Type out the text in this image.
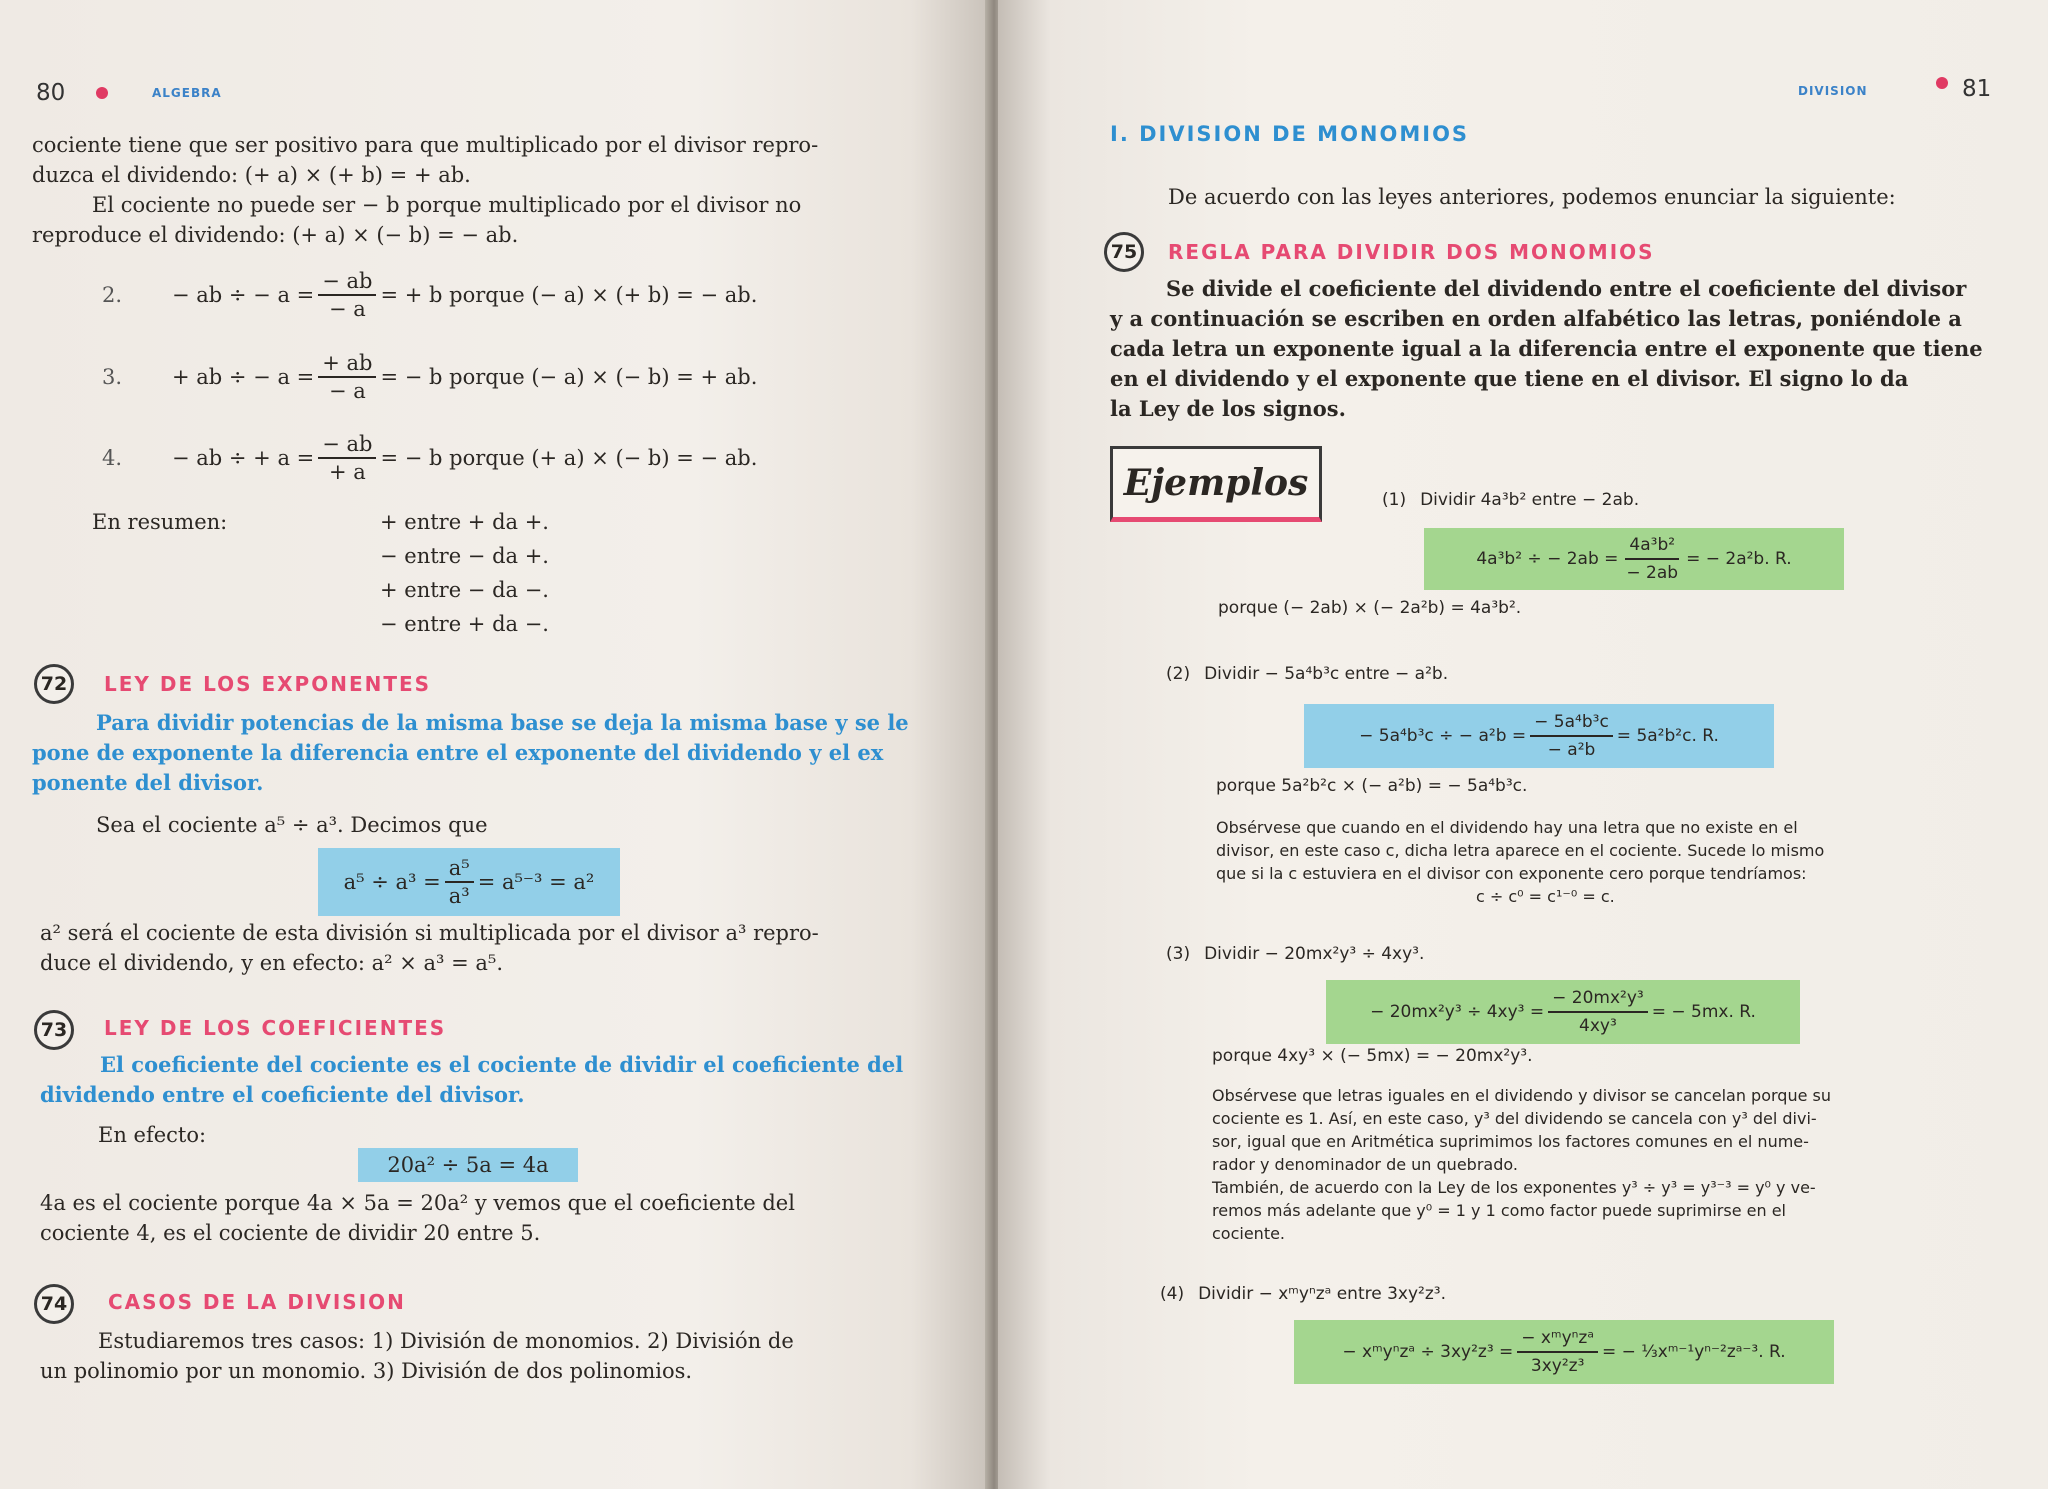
80	ALGEBRA
cociente tiene que ser positivo para que multiplicado por el divisor repro-
duzca el dividendo: (+ a) × (+ b) = + ab.
El cociente no puede ser − b porque multiplicado por el divisor no
reproduce el dividendo: (+ a) × (− b) = − ab.
2.	− ab ÷ − $a = \frac{- ab}{- a}$ = + b porque (− a) × (+ b) = − ab.
3.	+ ab ÷ − $a = \frac{+ ab}{- a}$ = − b porque (− a) × (− b) = + ab.
4.	− ab ÷ + $a = \frac{- ab}{+ a}$ = − b porque (+ a) × (− b) = − ab.
En resumen:	+ entre + da +.
− entre − da +.
+ entre − da −.
− entre + da −.
72	LEY DE LOS EXPONENTES
Para dividir potencias de la misma base se deja la misma base y se le
pone de exponente la diferencia entre el exponente del dividendo y el ex
ponente del divisor.
Sea el cociente a⁵ ÷ a³. Decimos que
$a^5 \div a^3 = \frac{\text{a⁵}}{\text{a³}} = a^{5-3} = a^2$
a² será el cociente de esta división si multiplicada por el divisor a³ repro-
duce el dividendo, y en efecto: a² × a³ = a⁵.
73	LEY DE LOS COEFICIENTES
El coeficiente del cociente es el cociente de dividir el coeficiente del
dividendo entre el coeficiente del divisor.
En efecto:
20a² ÷ 5a = 4a
4a es el cociente porque 4a × 5a = 20a² y vemos que el coeficiente del
cociente 4, es el cociente de dividir 20 entre 5.
74	CASOS DE LA DIVISION
Estudiaremos tres casos: 1) División de monomios. 2) División de
un polinomio por un monomio. 3) División de dos polinomios.
DIVISION	81
I. DIVISION DE MONOMIOS
De acuerdo con las leyes anteriores, podemos enunciar la siguiente:
75	REGLA PARA DIVIDIR DOS MONOMIOS
Se divide el coeficiente del dividendo entre el coeficiente del divisor
y a continuación se escriben en orden alfabético las letras, poniéndole a
cada letra un exponente igual a la diferencia entre el exponente que tiene
en el dividendo y el exponente que tiene en el divisor. El signo lo da
la Ley de los signos.
Ejemplos	(1) Dividir 4a³b² entre − 2ab.
4a³b² ÷ − $2ab = \frac{\text{4a³b²}}{- 2ab}$ = − 2a²b. R.
porque (− 2ab) × (− 2a²b) = 4a³b².
(2) Dividir − 5a⁴b³c entre − a²b.
− 5a⁴b³c ÷ − $a^2b = \frac{\text{− 5a⁴b³c}}{\text{− a²b}} = 5a^2b^2c$. R.
porque 5a²b²c × (− a²b) = − 5a⁴b³c.
Obsérvese que cuando en el dividendo hay una letra que no existe en el
divisor, en este caso c, dicha letra aparece en el cociente. Sucede lo mismo
que si la c estuviera en el divisor con exponente cero porque tendríamos:
c ÷ c⁰ = c¹⁻⁰ = c.
(3) Dividir − 20mx²y³ ÷ 4xy³.
− $20mx^2y^3 \div 4xy^3 = \frac{\text{− 20mx²y³}}{\text{4xy³}}$ = − 5mx. R.
porque 4xy³ × (− 5mx) = − 20mx²y³.
Obsérvese que letras iguales en el dividendo y divisor se cancelan porque su
cociente es 1. Así, en este caso, y³ del dividendo se cancela con y³ del divi-
sor, igual que en Aritmética suprimimos los factores comunes en el nume-
rador y denominador de un quebrado.
También, de acuerdo con la Ley de los exponentes y³ ÷ y³ = y³⁻³ = y⁰ y ve-
remos más adelante que y⁰ = 1 y 1 como factor puede suprimirse en el
cociente.
(4) Dividir − xᵐyⁿzᵃ entre 3xy²z³.
− xᵐyⁿzᵃ ÷ $3xy^2z^3 = \frac{\text{− xᵐyⁿzᵃ}}{\text{3xy²z³}}$ = − ⅓xᵐ⁻¹yⁿ⁻²zᵃ⁻³. R.
